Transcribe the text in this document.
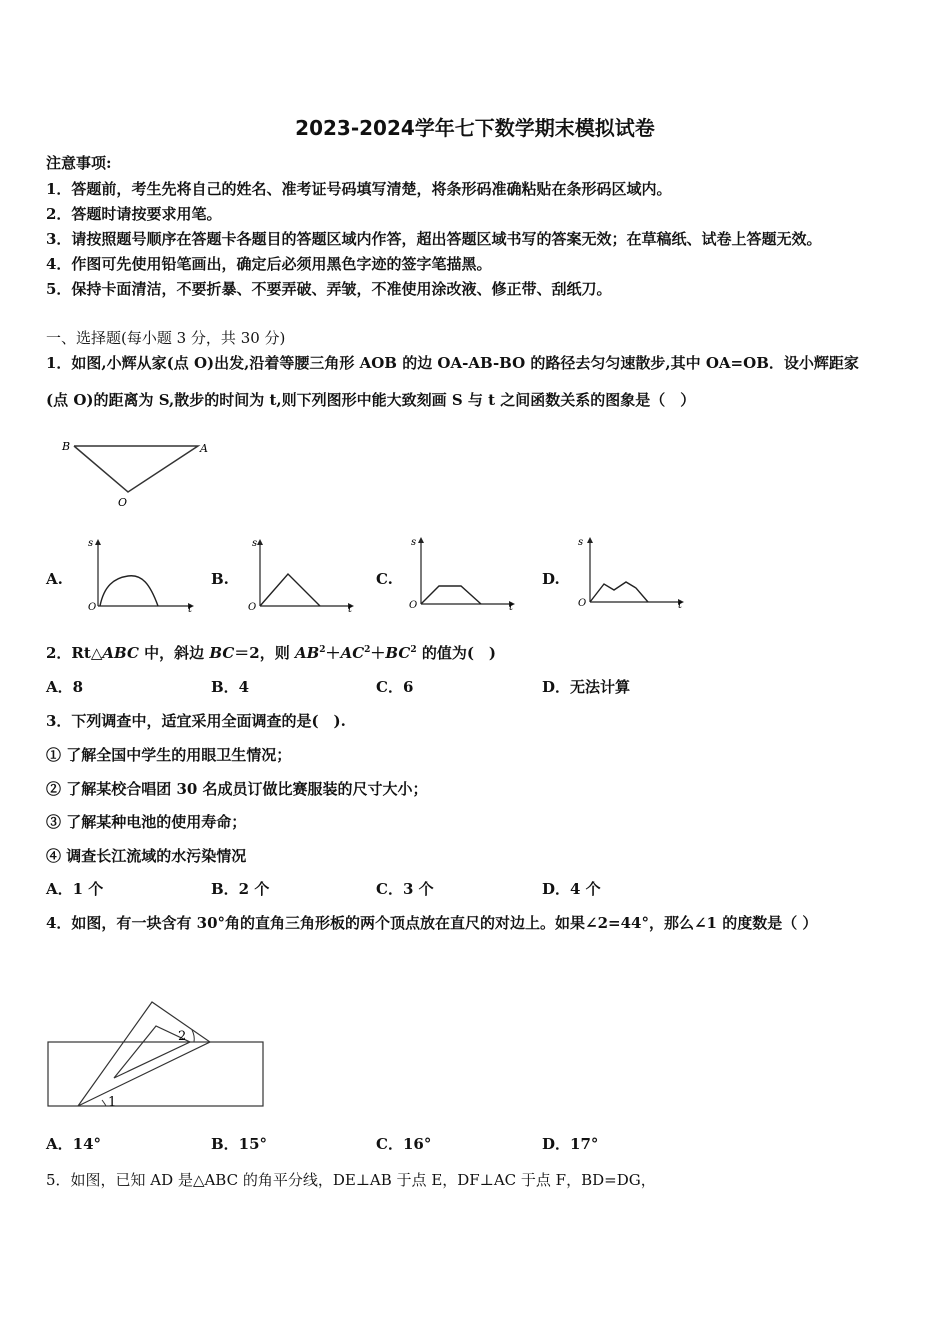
2023-2024学年七下数学期末模拟试卷
注意事项:
1．答题前，考生先将自己的姓名、准考证号码填写清楚，将条形码准确粘贴在条形码区域内。
2．答题时请按要求用笔。
3．请按照题号顺序在答题卡各题目的答题区域内作答，超出答题区域书写的答案无效；在草稿纸、试卷上答题无效。
4．作图可先使用铅笔画出，确定后必须用黑色字迹的签字笔描黑。
5．保持卡面清洁，不要折暴、不要弄破、弄皱，不准使用涂改液、修正带、刮纸刀。
一、选择题(每小题 3 分，共 30 分)
1．如图,小辉从家(点 O)出发,沿着等腰三角形 AOB 的边 OA-AB-BO 的路径去匀匀速散步,其中 OA=OB．设小辉距家
(点 O)的距离为 S,散步的时间为 t,则下列图形中能大致刻画 S 与 t 之间函数关系的图象是（　）
B	A
O
A.	B.	C.	D.
s
t
O
s
t
O
s
t
O
s
t
O
2．Rt△ABC 中，斜边 BC＝2，则 $AB^2+AC^2+BC^2$ 的值为(　)
A．8	B．4	C．6	D．无法计算
3．下列调查中，适宜采用全面调查的是(　).
① 了解全国中学生的用眼卫生情况；
② 了解某校合唱团 30 名成员订做比赛服装的尺寸大小；
③ 了解某种电池的使用寿命；
④ 调查长江流域的水污染情况
A．1 个	B．2 个	C．3 个	D．4 个
4．如图，有一块含有 30°角的直角三角形板的两个顶点放在直尺的对边上。如果∠2=44°，那么∠1 的度数是（ ）
1
2
A．14°	B．15°	C．16°	D．17°
5．如图，已知 AD 是△ABC 的角平分线，DE⊥AB 于点 E，DF⊥AC 于点 F，BD=DG，
